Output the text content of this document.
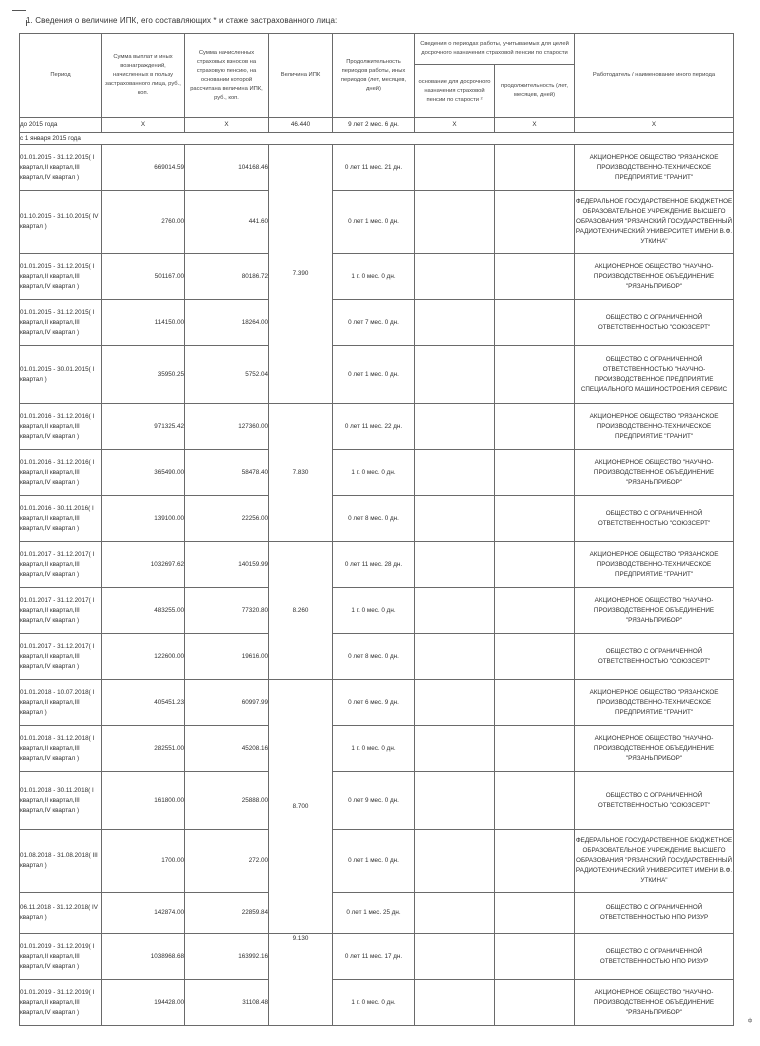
1. Сведения о величине ИПК, его составляющих * и стаже застрахованного лица:
Период	Сумма выплат и иных вознаграждений, начисленных в пользу застрахованного лица, руб., коп.	Сумма начисленных страховых взносов на страховую пенсию, на основании которой рассчитана величина ИПК, руб., коп.	Величина ИПК	Продолжительность периодов работы, иных периодов (лет, месяцев, дней)	Сведения о периодах работы, учитываемых для целей досрочного назначения страховой пенсии по старости		Работодатель / наименование иного периода
					основание для досрочного назначения страховой пенсии по старости ²	продолжительность (лет, месяцев, дней)	
до 2015 года	Х	Х	46.440	9 лет 2 мес. 6 дн.	Х	Х	Х
с 1 января 2015 года							
01.01.2015 - 31.12.2015( I квартал,II квартал,III квартал,IV квартал )	669014.59	104168.46	7.390	0 лет 11 мес. 21 дн.			АКЦИОНЕРНОЕ ОБЩЕСТВО "РЯЗАНСКОЕ ПРОИЗВОДСТВЕННО-ТЕХНИЧЕСКОЕ ПРЕДПРИЯТИЕ "ГРАНИТ"
01.10.2015 - 31.10.2015( IV квартал )	2760.00	441.60		0 лет 1 мес. 0 дн.			ФЕДЕРАЛЬНОЕ ГОСУДАРСТВЕННОЕ БЮДЖЕТНОЕ ОБРАЗОВАТЕЛЬНОЕ УЧРЕЖДЕНИЕ ВЫСШЕГО ОБРАЗОВАНИЯ "РЯЗАНСКИЙ ГОСУДАРСТВЕННЫЙ РАДИОТЕХНИЧЕСКИЙ УНИВЕРСИТЕТ ИМЕНИ В.Ф. УТКИНА"
01.01.2015 - 31.12.2015( I квартал,II квартал,III квартал,IV квартал )	501167.00	80186.72		1 г. 0 мес. 0 дн.			АКЦИОНЕРНОЕ ОБЩЕСТВО "НАУЧНО-ПРОИЗВОДСТВЕННОЕ ОБЪЕДИНЕНИЕ "РЯЗАНЬПРИБОР"
01.01.2015 - 31.12.2015( I квартал,II квартал,III квартал,IV квартал )	114150.00	18264.00		0 лет 7 мес. 0 дн.			ОБЩЕСТВО С ОГРАНИЧЕННОЙ ОТВЕТСТВЕННОСТЬЮ "СОЮЗСЕРТ"
01.01.2015 - 30.01.2015( I квартал )	35950.25	5752.04		0 лет 1 мес. 0 дн.			ОБЩЕСТВО С ОГРАНИЧЕННОЙ ОТВЕТСТВЕННОСТЬЮ "НАУЧНО-ПРОИЗВОДСТВЕННОЕ ПРЕДПРИЯТИЕ СПЕЦИАЛЬНОГО МАШИНОСТРОЕНИЯ СЕРВИС
01.01.2016 - 31.12.2016( I квартал,II квартал,III квартал,IV квартал )	971325.42	127360.00	7.830	0 лет 11 мес. 22 дн.			АКЦИОНЕРНОЕ ОБЩЕСТВО "РЯЗАНСКОЕ ПРОИЗВОДСТВЕННО-ТЕХНИЧЕСКОЕ ПРЕДПРИЯТИЕ "ГРАНИТ"
01.01.2016 - 31.12.2016( I квартал,II квартал,III квартал,IV квартал )	365490.00	58478.40		1 г. 0 мес. 0 дн.			АКЦИОНЕРНОЕ ОБЩЕСТВО "НАУЧНО-ПРОИЗВОДСТВЕННОЕ ОБЪЕДИНЕНИЕ "РЯЗАНЬПРИБОР"
01.01.2016 - 30.11.2016( I квартал,II квартал,III квартал,IV квартал )	139100.00	22256.00		0 лет 8 мес. 0 дн.			ОБЩЕСТВО С ОГРАНИЧЕННОЙ ОТВЕТСТВЕННОСТЬЮ "СОЮЗСЕРТ"
01.01.2017 - 31.12.2017( I квартал,II квартал,III квартал,IV квартал )	1032697.62	140159.99	8.260	0 лет 11 мес. 28 дн.			АКЦИОНЕРНОЕ ОБЩЕСТВО "РЯЗАНСКОЕ ПРОИЗВОДСТВЕННО-ТЕХНИЧЕСКОЕ ПРЕДПРИЯТИЕ "ГРАНИТ"
01.01.2017 - 31.12.2017( I квартал,II квартал,III квартал,IV квартал )	483255.00	77320.80		1 г. 0 мес. 0 дн.			АКЦИОНЕРНОЕ ОБЩЕСТВО "НАУЧНО-ПРОИЗВОДСТВЕННОЕ ОБЪЕДИНЕНИЕ "РЯЗАНЬПРИБОР"
01.01.2017 - 31.12.2017( I квартал,II квартал,III квартал,IV квартал )	122600.00	19616.00		0 лет 8 мес. 0 дн.			ОБЩЕСТВО С ОГРАНИЧЕННОЙ ОТВЕТСТВЕННОСТЬЮ "СОЮЗСЕРТ"
01.01.2018 - 10.07.2018( I квартал,II квартал,III квартал )	405451.23	60997.99	8.700	0 лет 6 мес. 9 дн.			АКЦИОНЕРНОЕ ОБЩЕСТВО "РЯЗАНСКОЕ ПРОИЗВОДСТВЕННО-ТЕХНИЧЕСКОЕ ПРЕДПРИЯТИЕ "ГРАНИТ"
01.01.2018 - 31.12.2018( I квартал,II квартал,III квартал,IV квартал )	282551.00	45208.16		1 г. 0 мес. 0 дн.			АКЦИОНЕРНОЕ ОБЩЕСТВО "НАУЧНО-ПРОИЗВОДСТВЕННОЕ ОБЪЕДИНЕНИЕ "РЯЗАНЬПРИБОР"
01.01.2018 - 30.11.2018( I квартал,II квартал,III квартал,IV квартал )	161800.00	25888.00		0 лет 9 мес. 0 дн.			ОБЩЕСТВО С ОГРАНИЧЕННОЙ ОТВЕТСТВЕННОСТЬЮ "СОЮЗСЕРТ"
01.08.2018 - 31.08.2018( III квартал )	1700.00	272.00		0 лет 1 мес. 0 дн.			ФЕДЕРАЛЬНОЕ ГОСУДАРСТВЕННОЕ БЮДЖЕТНОЕ ОБРАЗОВАТЕЛЬНОЕ УЧРЕЖДЕНИЕ ВЫСШЕГО ОБРАЗОВАНИЯ "РЯЗАНСКИЙ ГОСУДАРСТВЕННЫЙ РАДИОТЕХНИЧЕСКИЙ УНИВЕРСИТЕТ ИМЕНИ В.Ф. УТКИНА"
06.11.2018 - 31.12.2018( IV квартал )	142874.00	22859.84		0 лет 1 мес. 25 дн.			ОБЩЕСТВО С ОГРАНИЧЕННОЙ ОТВЕТСТВЕННОСТЬЮ НПО РИЗУР
01.01.2019 - 31.12.2019( I квартал,II квартал,III квартал,IV квартал )	1038968.68	163992.16	9.130	0 лет 11 мес. 17 дн.			ОБЩЕСТВО С ОГРАНИЧЕННОЙ ОТВЕТСТВЕННОСТЬЮ НПО РИЗУР
01.01.2019 - 31.12.2019( I квартал,II квартал,III квартал,IV квартал )	194428.00	31108.48		1 г. 0 мес. 0 дн.			АКЦИОНЕРНОЕ ОБЩЕСТВО "НАУЧНО-ПРОИЗВОДСТВЕННОЕ ОБЪЕДИНЕНИЕ "РЯЗАНЬПРИБОР"
ф
